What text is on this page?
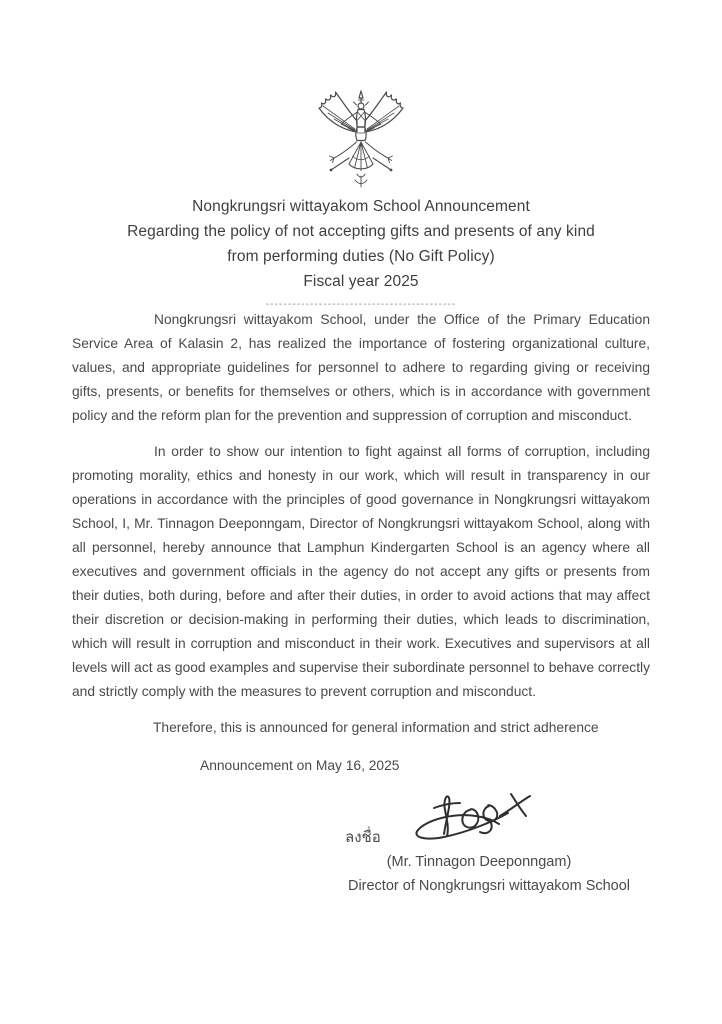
Nongkrungsri wittayakom School Announcement
Regarding the policy of not accepting gifts and presents of any kind
from performing duties (No Gift Policy)
Fiscal year 2025
-------------------------------------------

Nongkrungsri wittayakom School, under the Office of the Primary Education Service Area of Kalasin 2, has realized the importance of fostering organizational culture, values, and appropriate guidelines for personnel to adhere to regarding giving or receiving gifts, presents, or benefits for themselves or others, which is in accordance with government policy and the reform plan for the prevention and suppression of corruption and misconduct.

In order to show our intention to fight against all forms of corruption, including promoting morality, ethics and honesty in our work, which will result in transparency in our operations in accordance with the principles of good governance in Nongkrungsri wittayakom School, I, Mr. Tinnagon Deeponngam, Director of Nongkrungsri wittayakom School, along with all personnel, hereby announce that Lamphun Kindergarten School is an agency where all executives and government officials in the agency do not accept any gifts or presents from their duties, both during, before and after their duties, in order to avoid actions that may affect their discretion or decision-making in performing their duties, which leads to discrimination, which will result in corruption and misconduct in their work. Executives and supervisors at all levels will act as good examples and supervise their subordinate personnel to behave correctly and strictly comply with the measures to prevent corruption and misconduct.

Therefore, this is announced for general information and strict adherence

Announcement on May 16, 2025

ลงชื่อ
(Mr. Tinnagon Deeponngam)
Director of Nongkrungsri wittayakom School
